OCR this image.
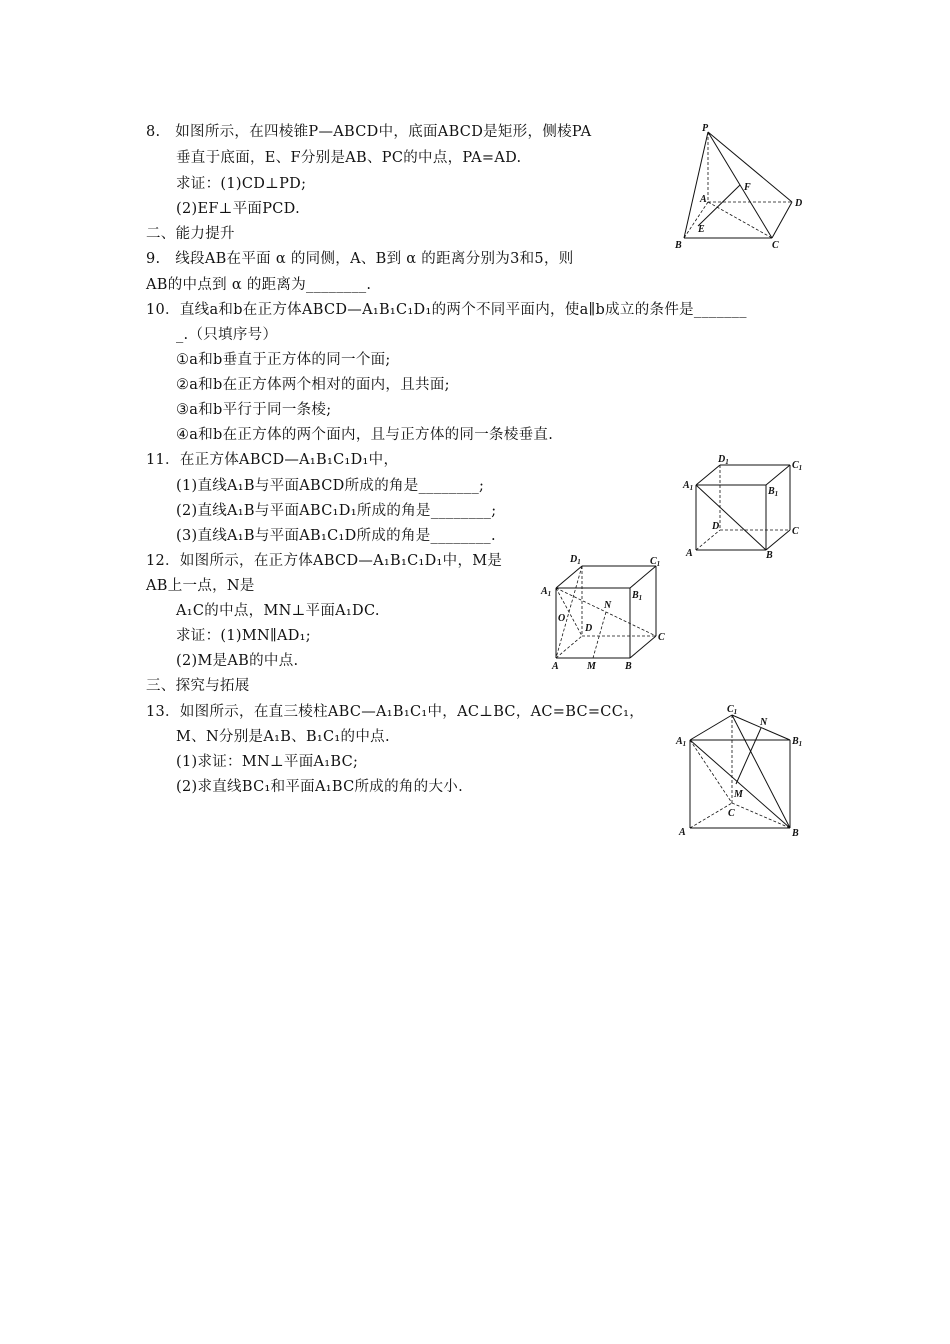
8.　如图所示，在四棱锥P—ABCD中，底面ABCD是矩形，侧棱PA
垂直于底面，E、F分别是AB、PC的中点，PA=AD.
求证：(1)CD⊥PD;
(2)EF⊥平面PCD.
二、能力提升
9.　线段AB在平面 α 的同侧，A、B到 α 的距离分别为3和5，则
AB的中点到 α 的距离为________.
10．直线a和b在正方体ABCD—A₁B₁C₁D₁的两个不同平面内，使a∥b成立的条件是_______
_.（只填序号）
①a和b垂直于正方体的同一个面;
②a和b在正方体两个相对的面内，且共面;
③a和b平行于同一条棱;
④a和b在正方体的两个面内，且与正方体的同一条棱垂直.
11．在正方体ABCD—A₁B₁C₁D₁中，
(1)直线A₁B与平面ABCD所成的角是________;
(2)直线A₁B与平面ABC₁D₁所成的角是________;
(3)直线A₁B与平面AB₁C₁D所成的角是________.
12．如图所示，在正方体ABCD—A₁B₁C₁D₁中，M是
AB上一点，N是
A₁C的中点，MN⊥平面A₁DC.
求证：(1)MN∥AD₁;
(2)M是AB的中点.
三、探究与拓展
13．如图所示，在直三棱柱ABC—A₁B₁C₁中，AC⊥BC，AC=BC=CC₁，
M、N分别是A₁B、B₁C₁的中点.
(1)求证：MN⊥平面A₁BC;
(2)求直线BC₁和平面A₁BC所成的角的大小.
P
F
A	D
E
B	C
$D_1$	$C_1$
$A_1$	$B_1$
D	C
A	B
$D_1$	$C_1$
$A_1$	$B_1$
N
O
D
C
A	M	B
$C_1$
N
$A_1$	$B_1$
M
C
A	B
